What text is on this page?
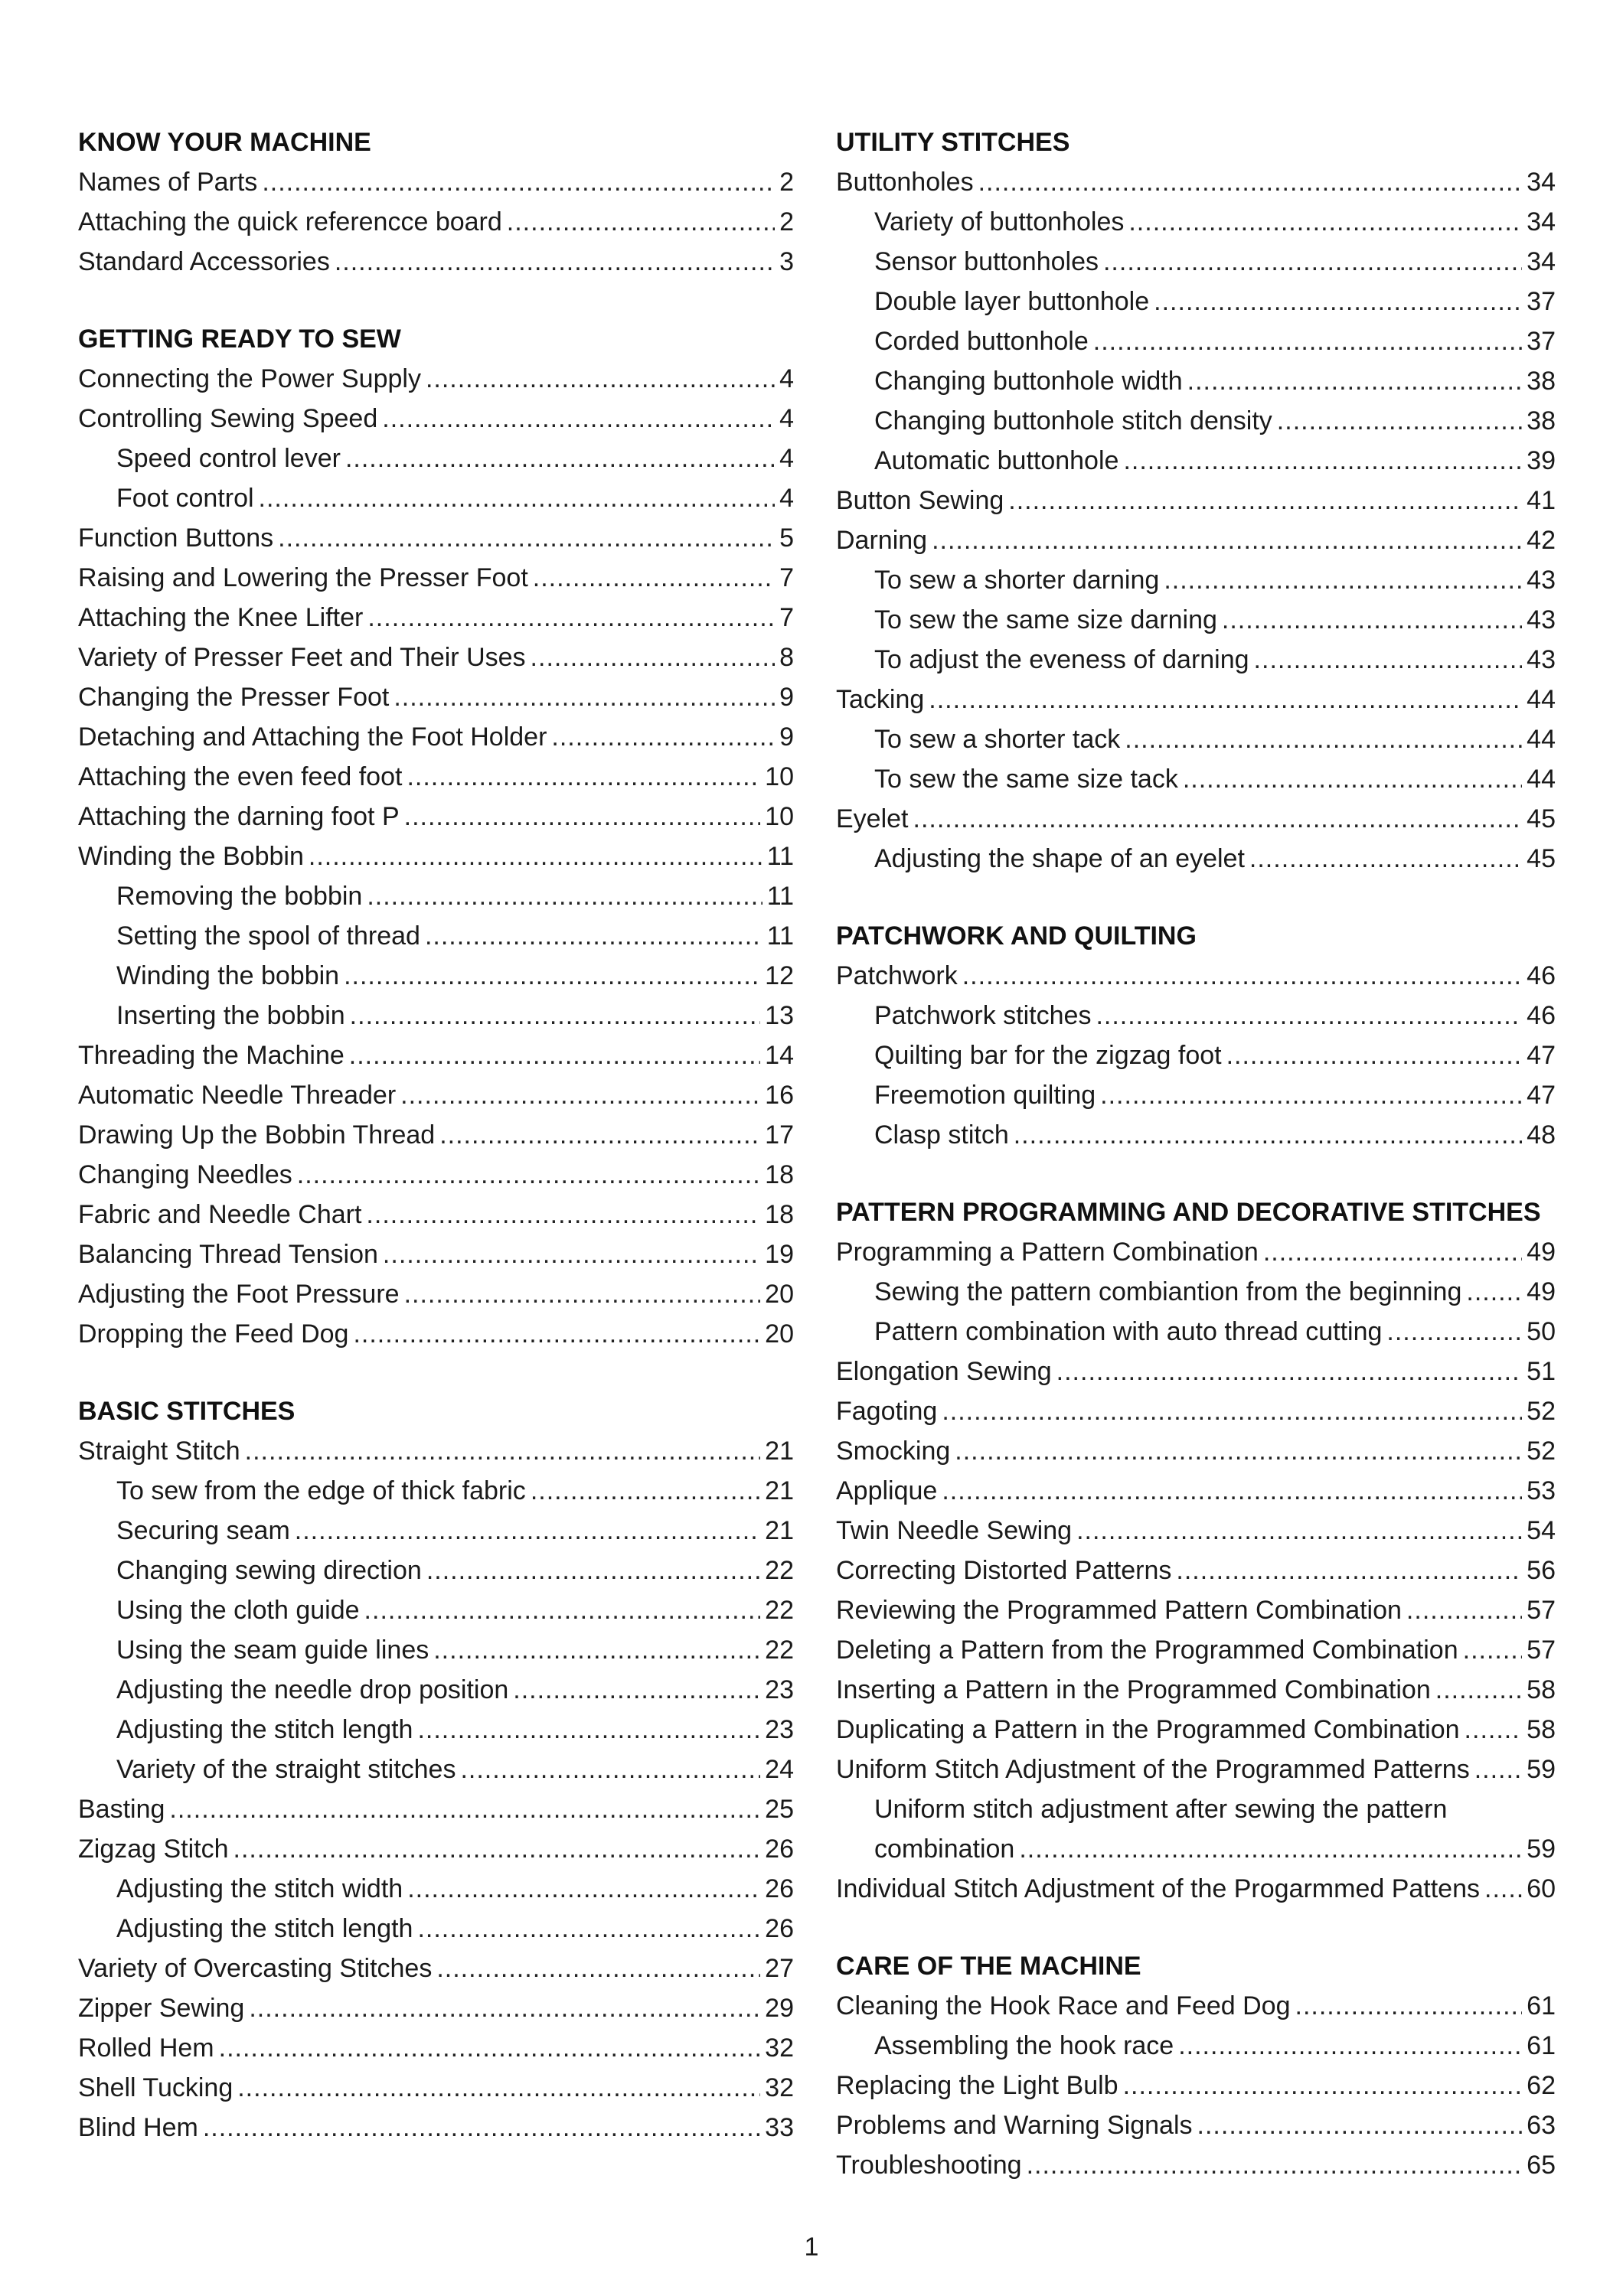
KNOW YOUR MACHINE
Names of Parts .....	2
Attaching the quick referencce board .....	2
Standard Accessories .....	3
GETTING READY TO SEW
Connecting the Power Supply .....	4
Controlling Sewing Speed .....	4
Speed control lever .....	4
Foot control .....	4
Function Buttons .....	5
Raising and Lowering the Presser Foot .....	7
Attaching the Knee Lifter .....	7
Variety of Presser Feet and Their Uses .....	8
Changing the Presser Foot .....	9
Detaching and Attaching the Foot Holder .....	9
Attaching the even feed foot .....	10
Attaching the darning foot P .....	10
Winding the Bobbin .....	11
Removing the bobbin .....	11
Setting the spool of thread .....	11
Winding the bobbin .....	12
Inserting the bobbin .....	13
Threading the Machine .....	14
Automatic Needle Threader .....	16
Drawing Up the Bobbin Thread .....	17
Changing Needles .....	18
Fabric and Needle Chart .....	18
Balancing Thread Tension .....	19
Adjusting the Foot Pressure .....	20
Dropping the Feed Dog .....	20
BASIC STITCHES
Straight Stitch .....	21
To sew from the edge of thick fabric .....	21
Securing seam .....	21
Changing sewing direction .....	22
Using the cloth guide .....	22
Using the seam guide lines .....	22
Adjusting the needle drop position .....	23
Adjusting the stitch length .....	23
Variety of the straight stitches .....	24
Basting .....	25
Zigzag Stitch .....	26
Adjusting the stitch width .....	26
Adjusting the stitch length .....	26
Variety of Overcasting Stitches .....	27
Zipper Sewing .....	29
Rolled Hem .....	32
Shell Tucking .....	32
Blind Hem .....	33
UTILITY STITCHES
Buttonholes .....	34
Variety of buttonholes .....	34
Sensor buttonholes .....	34
Double layer buttonhole .....	37
Corded buttonhole .....	37
Changing buttonhole width .....	38
Changing buttonhole stitch density .....	38
Automatic buttonhole .....	39
Button Sewing .....	41
Darning .....	42
To sew a shorter darning .....	43
To sew the same size darning .....	43
To adjust the eveness of darning .....	43
Tacking .....	44
To sew a shorter tack .....	44
To sew the same size tack .....	44
Eyelet .....	45
Adjusting the shape of an eyelet .....	45
PATCHWORK AND QUILTING
Patchwork .....	46
Patchwork stitches .....	46
Quilting bar for the zigzag foot .....	47
Freemotion quilting .....	47
Clasp stitch .....	48
PATTERN PROGRAMMING AND DECORATIVE STITCHES
Programming a Pattern Combination .....	49
Sewing the pattern combiantion from the beginning ..... 49
Pattern combination with auto thread cutting .....	50
Elongation Sewing .....	51
Fagoting .....	52
Smocking .....	52
Applique .....	53
Twin Needle Sewing .....	54
Correcting Distorted Patterns .....	56
Reviewing the Programmed Pattern Combination .....	57
Deleting a Pattern from the Programmed Combination .....	57
Inserting a Pattern in the Programmed Combination .....	58
Duplicating a Pattern in the Programmed Combination .....	58
Uniform Stitch Adjustment of the Programmed Patterns ..... 59
Uniform stitch adjustment after sewing the pattern
combination .....	59
Individual Stitch Adjustment of the Progarmmed Pattens ..... 60
CARE OF THE MACHINE
Cleaning the Hook Race and Feed Dog .....	61
Assembling the hook race .....	61
Replacing the Light Bulb .....	62
Problems and Warning Signals .....	63
Troubleshooting .....	65
1
